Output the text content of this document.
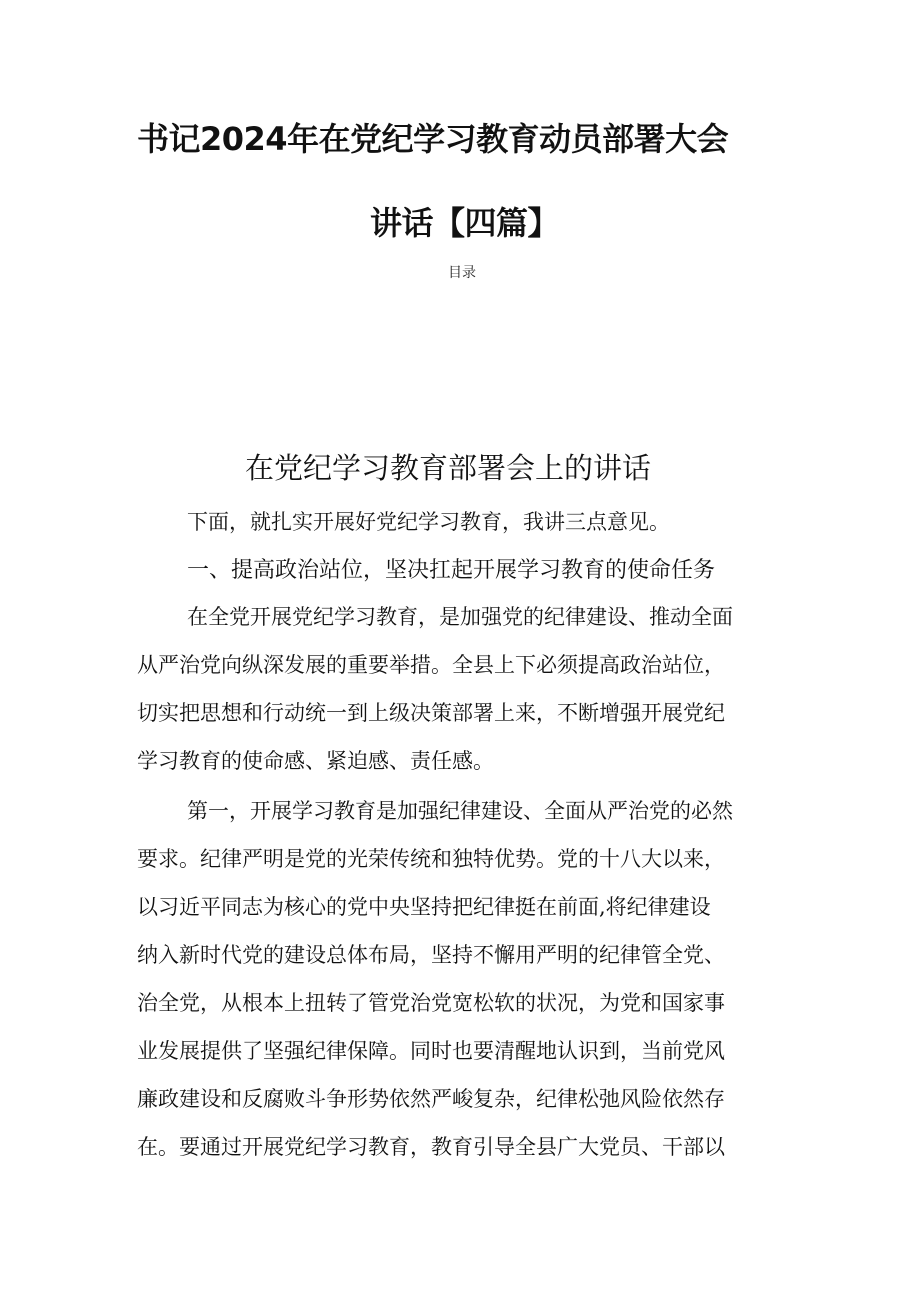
书记2024年在党纪学习教育动员部署大会
讲话【四篇】
目录
在党纪学习教育部署会上的讲话
下面，就扎实开展好党纪学习教育，我讲三点意见。
一、提高政治站位，坚决扛起开展学习教育的使命任务
在全党开展党纪学习教育，是加强党的纪律建设、推动全面
从严治党向纵深发展的重要举措。全县上下必须提高政治站位，
切实把思想和行动统一到上级决策部署上来，不断增强开展党纪
学习教育的使命感、紧迫感、责任感。
第一，开展学习教育是加强纪律建设、全面从严治党的必然
要求。纪律严明是党的光荣传统和独特优势。党的十八大以来，
以习近平同志为核心的党中央坚持把纪律挺在前面,将纪律建设
纳入新时代党的建设总体布局，坚持不懈用严明的纪律管全党、
治全党，从根本上扭转了管党治党宽松软的状况，为党和国家事
业发展提供了坚强纪律保障。同时也要清醒地认识到，当前党风
廉政建设和反腐败斗争形势依然严峻复杂，纪律松弛风险依然存
在。要通过开展党纪学习教育，教育引导全县广大党员、干部以
